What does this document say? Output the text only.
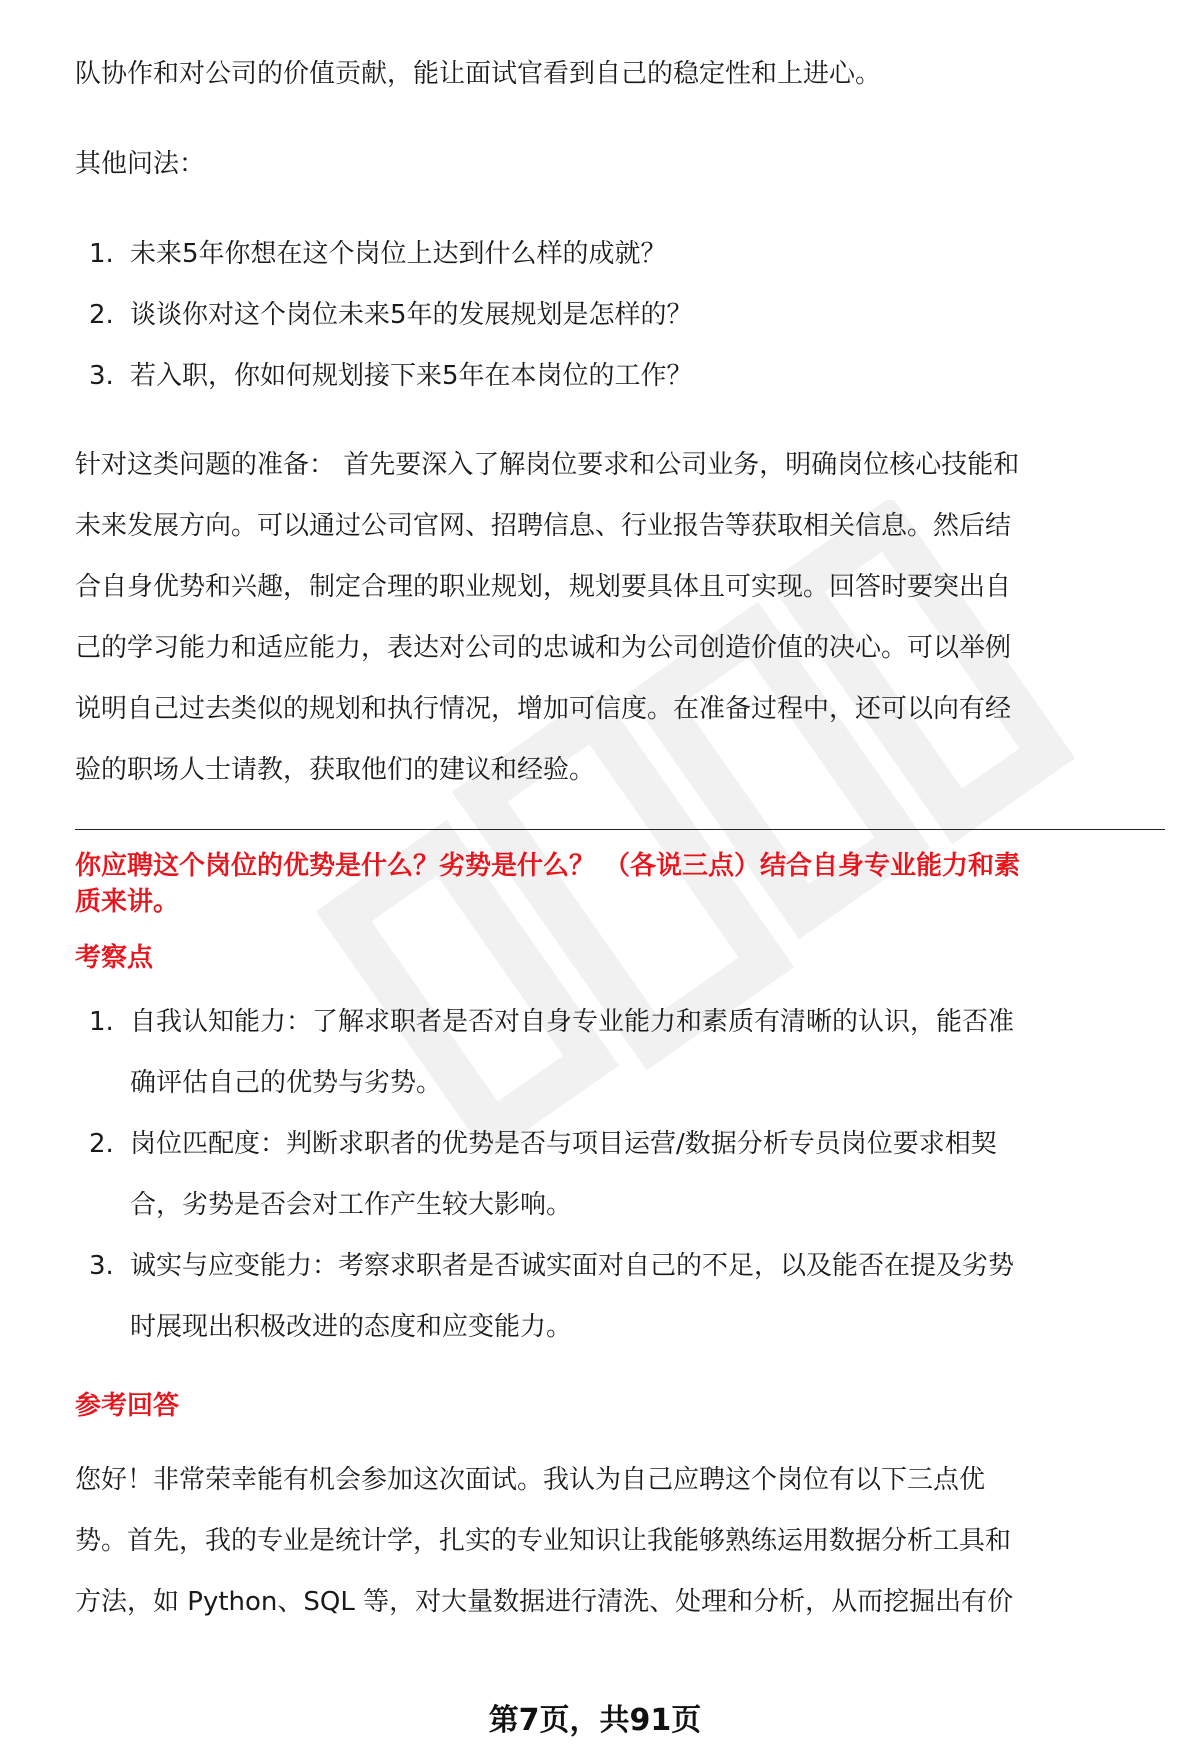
队协作和对公司的价值贡献，能让面试官看到自己的稳定性和上进心。

其他问法：

1. 未来5年你想在这个岗位上达到什么样的成就？
2. 谈谈你对这个岗位未来5年的发展规划是怎样的？
3. 若入职，你如何规划接下来5年在本岗位的工作？

针对这类问题的准备： 首先要深入了解岗位要求和公司业务，明确岗位核心技能和

未来发展方向。可以通过公司官网、招聘信息、行业报告等获取相关信息。然后结

合自身优势和兴趣，制定合理的职业规划，规划要具体且可实现。回答时要突出自

己的学习能力和适应能力，表达对公司的忠诚和为公司创造价值的决心。可以举例

说明自己过去类似的规划和执行情况，增加可信度。在准备过程中，还可以向有经

验的职场人士请教，获取他们的建议和经验。

你应聘这个岗位的优势是什么？劣势是什么？ （各说三点）结合自身专业能力和素
质来讲。
考察点
1. 自我认知能力：了解求职者是否对自身专业能力和素质有清晰的认识，能否准
确评估自己的优势与劣势。
2. 岗位匹配度：判断求职者的优势是否与项目运营/数据分析专员岗位要求相契
合，劣势是否会对工作产生较大影响。
3. 诚实与应变能力：考察求职者是否诚实面对自己的不足，以及能否在提及劣势
时展现出积极改进的态度和应变能力。
参考回答

您好！非常荣幸能有机会参加这次面试。我认为自己应聘这个岗位有以下三点优

势。首先，我的专业是统计学，扎实的专业知识让我能够熟练运用数据分析工具和

方法，如 Python、SQL 等，对大量数据进行清洗、处理和分析，从而挖掘出有价

第7页，共91页
